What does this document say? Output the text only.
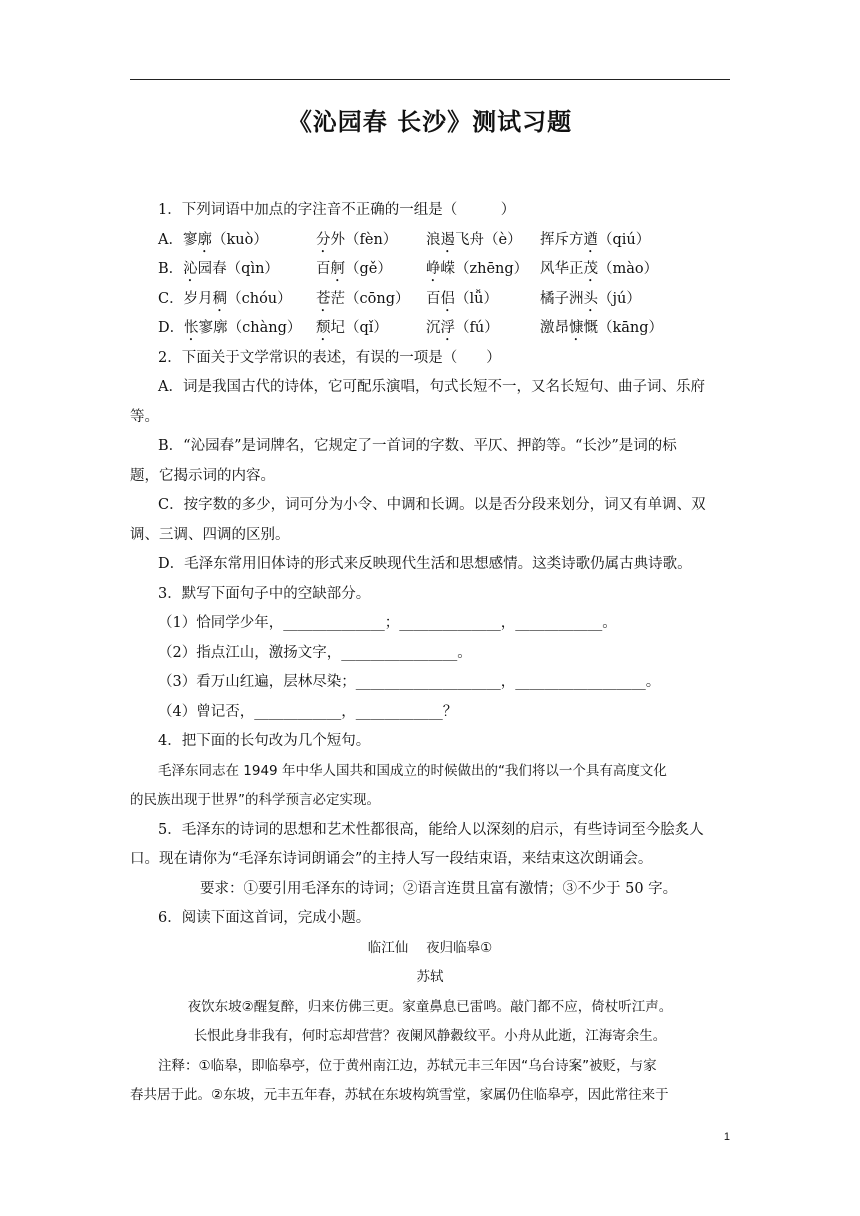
《沁园春 长沙》测试习题
1．下列词语中加点的字注音不正确的一组是（　　　）
A．寥廓（kuò）	分外（fèn） 浪遏飞舟（è） 挥斥方遒（qiú）
B．沁园春（qìn）	百舸（gě） 峥嵘（zhēng） 风华正茂（mào）
C．岁月稠（chóu） 苍茫（cōng） 百侣（lǚ）	橘子洲头（jú）
D．怅寥廓（chàng） 颓圮（qǐ）	沉浮（fú）	激昂慷慨（kāng）
2．下面关于文学常识的表述，有误的一项是（　　）
A．词是我国古代的诗体，它可配乐演唱，句式长短不一，又名长短句、曲子词、乐府
等。
B．“沁园春”是词牌名，它规定了一首词的字数、平仄、押韵等。“长沙”是词的标
题，它揭示词的内容。
C．按字数的多少，词可分为小令、中调和长调。以是否分段来划分，词又有单调、双
调、三调、四调的区别。
D．毛泽东常用旧体诗的形式来反映现代生活和思想感情。这类诗歌仍属古典诗歌。
3．默写下面句子中的空缺部分。
（1）恰同学少年，______________；______________，____________。
（2）指点江山，激扬文字，________________。
（3）看万山红遍，层林尽染；____________________，__________________。
（4）曾记否，____________，____________？
4．把下面的长句改为几个短句。
毛泽东同志在 1949 年中华人国共和国成立的时候做出的“我们将以一个具有高度文化
的民族出现于世界”的科学预言必定实现。
5．毛泽东的诗词的思想和艺术性都很高，能给人以深刻的启示，有些诗词至今脍炙人
口。现在请你为“毛泽东诗词朗诵会”的主持人写一段结束语，来结束这次朗诵会。
要求：①要引用毛泽东的诗词；②语言连贯且富有激情；③不少于 50 字。
6．阅读下面这首词，完成小题。
临江仙　 夜归临皋①
苏轼
夜饮东坡②醒复醉，归来仿佛三更。家童鼻息已雷鸣。敲门都不应，倚杖听江声。
长恨此身非我有，何时忘却营营？夜阑风静縠纹平。小舟从此逝，江海寄余生。
注释：①临皋，即临皋亭，位于黄州南江边，苏轼元丰三年因“乌台诗案”被贬，与家
春共居于此。②东坡，元丰五年春，苏轼在东坡构筑雪堂，家属仍住临皋亭，因此常往来于
1
